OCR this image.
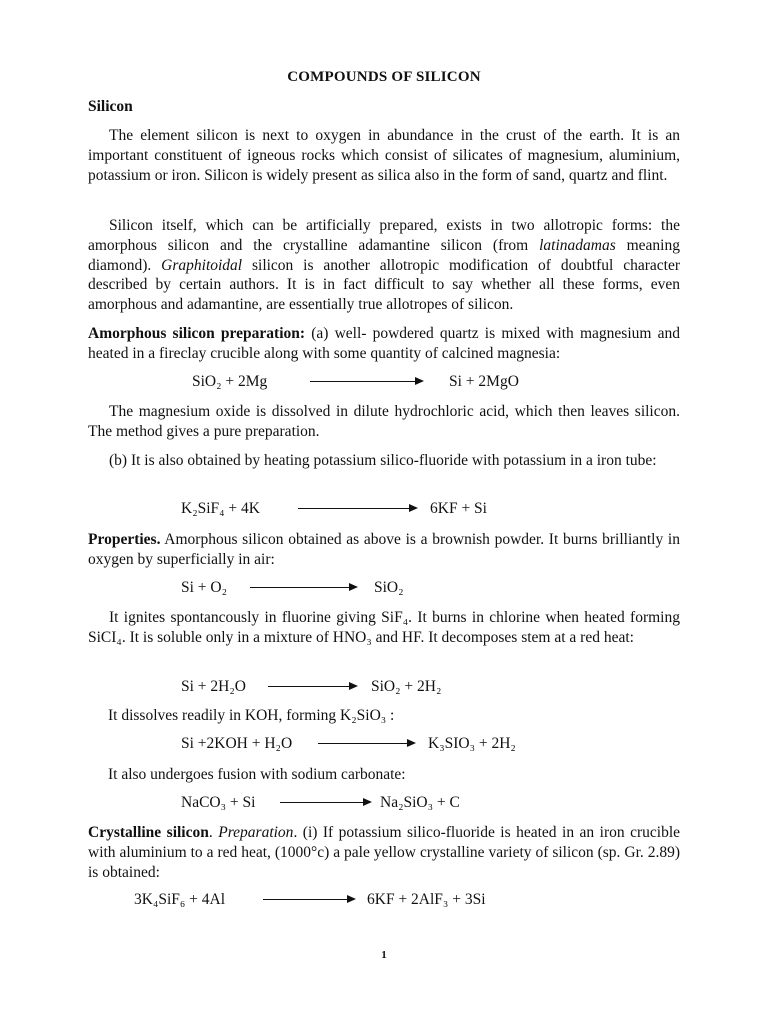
COMPOUNDS OF SILICON
Silicon
The element silicon is next to oxygen in abundance in the crust of the earth. It is an important constituent of igneous rocks which consist of silicates of magnesium, aluminium, potassium or iron. Silicon is widely present as silica also in the form of sand, quartz and flint.
Silicon itself, which can be artificially prepared, exists in two allotropic forms: the amorphous silicon and the crystalline adamantine silicon (from latinadamas meaning diamond). Graphitoidal silicon is another allotropic modification of doubtful character described by certain authors. It is in fact difficult to say whether all these forms, even amorphous and adamantine, are essentially true allotropes of silicon.
Amorphous silicon preparation: (a) well- powdered quartz is mixed with magnesium and heated in a fireclay crucible along with some quantity of calcined magnesia:
SiO₂ + 2Mg	Si + 2MgO
The magnesium oxide is dissolved in dilute hydrochloric acid, which then leaves silicon. The method gives a pure preparation.
(b) It is also obtained by heating potassium silico-fluoride with potassium in a iron tube:
K₂SiF₄ + 4K	6KF + Si
Properties. Amorphous silicon obtained as above is a brownish powder. It burns brilliantly in oxygen by superficially in air:
Si + O₂	SiO₂
It ignites spontancously in fluorine giving SiF₄. It burns in chlorine when heated forming SiCI₄. It is soluble only in a mixture of HNO₃ and HF. It decomposes stem at a red heat:
Si + 2H₂O	SiO₂ + 2H₂
It dissolves readily in KOH, forming K₂SiO₃ :
Si +2KOH + H₂O	K₃SIO₃ + 2H₂
It also undergoes fusion with sodium carbonate:
NaCO₃ + Si	Na₂SiO₃ + C
Crystalline silicon. Preparation. (i) If potassium silico-fluoride is heated in an iron crucible with aluminium to a red heat, (1000°c) a pale yellow crystalline variety of silicon (sp. Gr. 2.89) is obtained:
3K₄SiF₆ + 4Al	6KF + 2AlF₃ + 3Si
1
